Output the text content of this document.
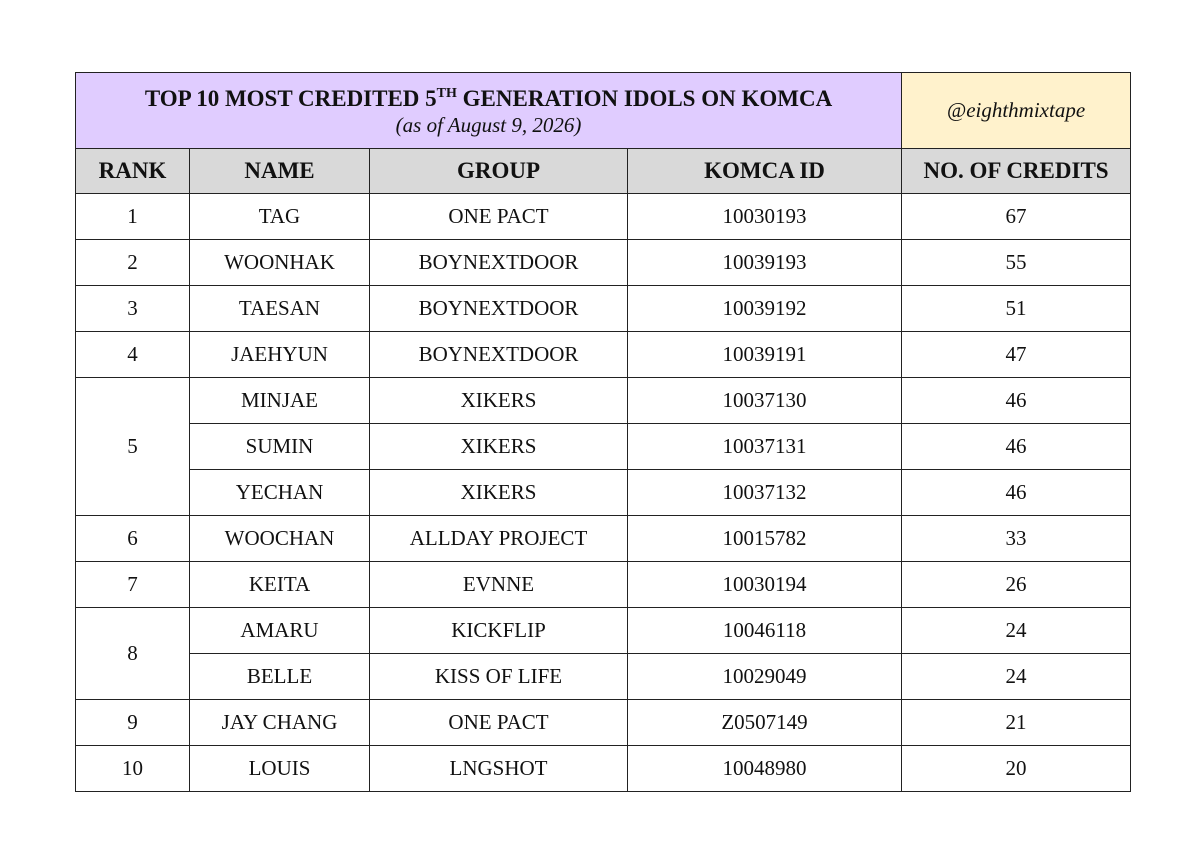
TOP 10 MOST CREDITED 5TH GENERATION IDOLS ON KOMCA
(as of August 9, 2026)				@eighthmixtape
RANK	NAME	GROUP	KOMCA ID	NO. OF CREDITS
1	TAG	ONE PACT	10030193	67
2	WOONHAK	BOYNEXTDOOR	10039193	55
3	TAESAN	BOYNEXTDOOR	10039192	51
4	JAEHYUN	BOYNEXTDOOR	10039191	47
5	MINJAE	XIKERS	10037130	46
	SUMIN	XIKERS	10037131	46
	YECHAN	XIKERS	10037132	46
6	WOOCHAN	ALLDAY PROJECT	10015782	33
7	KEITA	EVNNE	10030194	26
8	AMARU	KICKFLIP	10046118	24
	BELLE	KISS OF LIFE	10029049	24
9	JAY CHANG	ONE PACT	Z0507149	21
10	LOUIS	LNGSHOT	10048980	20
